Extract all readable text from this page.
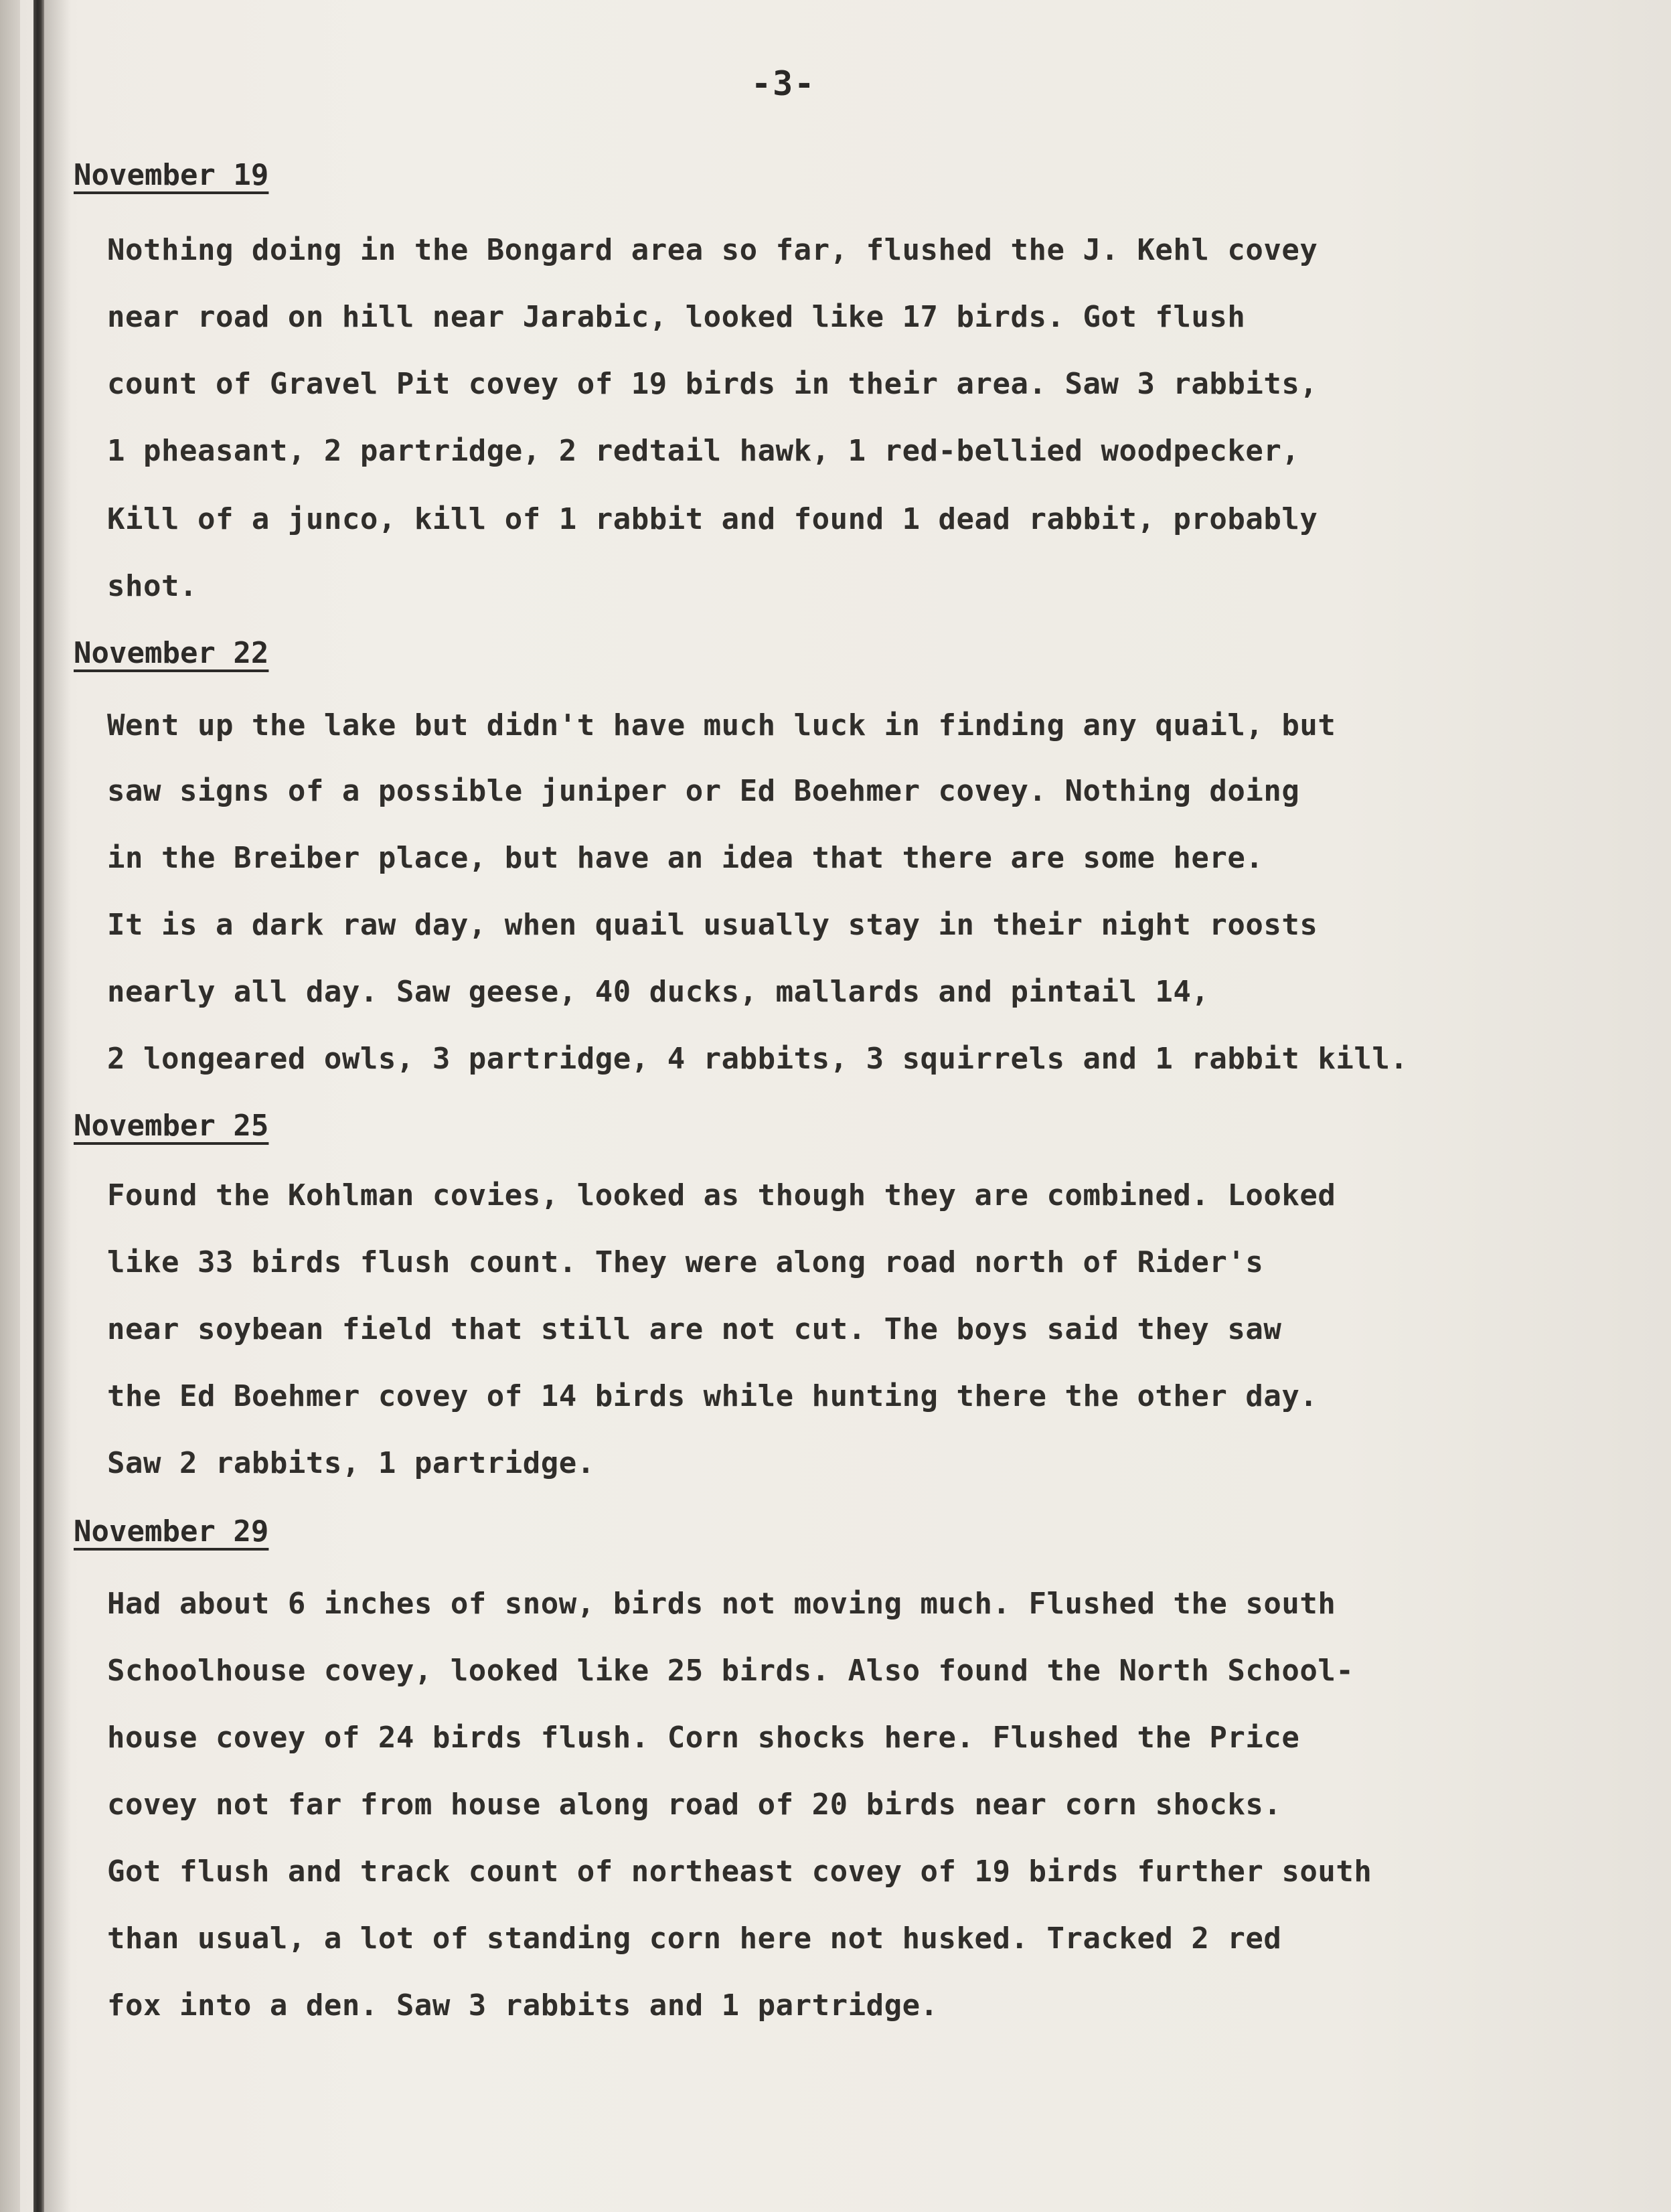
-3-
November 19
Nothing doing in the Bongard area so far, flushed the J. Kehl covey
near road on hill near Jarabic, looked like 17 birds. Got flush
count of Gravel Pit covey of 19 birds in their area. Saw 3 rabbits,
1 pheasant, 2 partridge, 2 redtail hawk, 1 red-bellied woodpecker,
Kill of a junco, kill of 1 rabbit and found 1 dead rabbit, probably
shot.
November 22
Went up the lake but didn't have much luck in finding any quail, but
saw signs of a possible juniper or Ed Boehmer covey. Nothing doing
in the Breiber place, but have an idea that there are some here.
It is a dark raw day, when quail usually stay in their night roosts
nearly all day. Saw geese, 40 ducks, mallards and pintail 14,
2 longeared owls, 3 partridge, 4 rabbits, 3 squirrels and 1 rabbit kill.
November 25
Found the Kohlman covies, looked as though they are combined. Looked
like 33 birds flush count. They were along road north of Rider's
near soybean field that still are not cut. The boys said they saw
the Ed Boehmer covey of 14 birds while hunting there the other day.
Saw 2 rabbits, 1 partridge.
November 29
Had about 6 inches of snow, birds not moving much. Flushed the south
Schoolhouse covey, looked like 25 birds. Also found the North School-
house covey of 24 birds flush. Corn shocks here. Flushed the Price
covey not far from house along road of 20 birds near corn shocks.
Got flush and track count of northeast covey of 19 birds further south
than usual, a lot of standing corn here not husked. Tracked 2 red
fox into a den. Saw 3 rabbits and 1 partridge.
